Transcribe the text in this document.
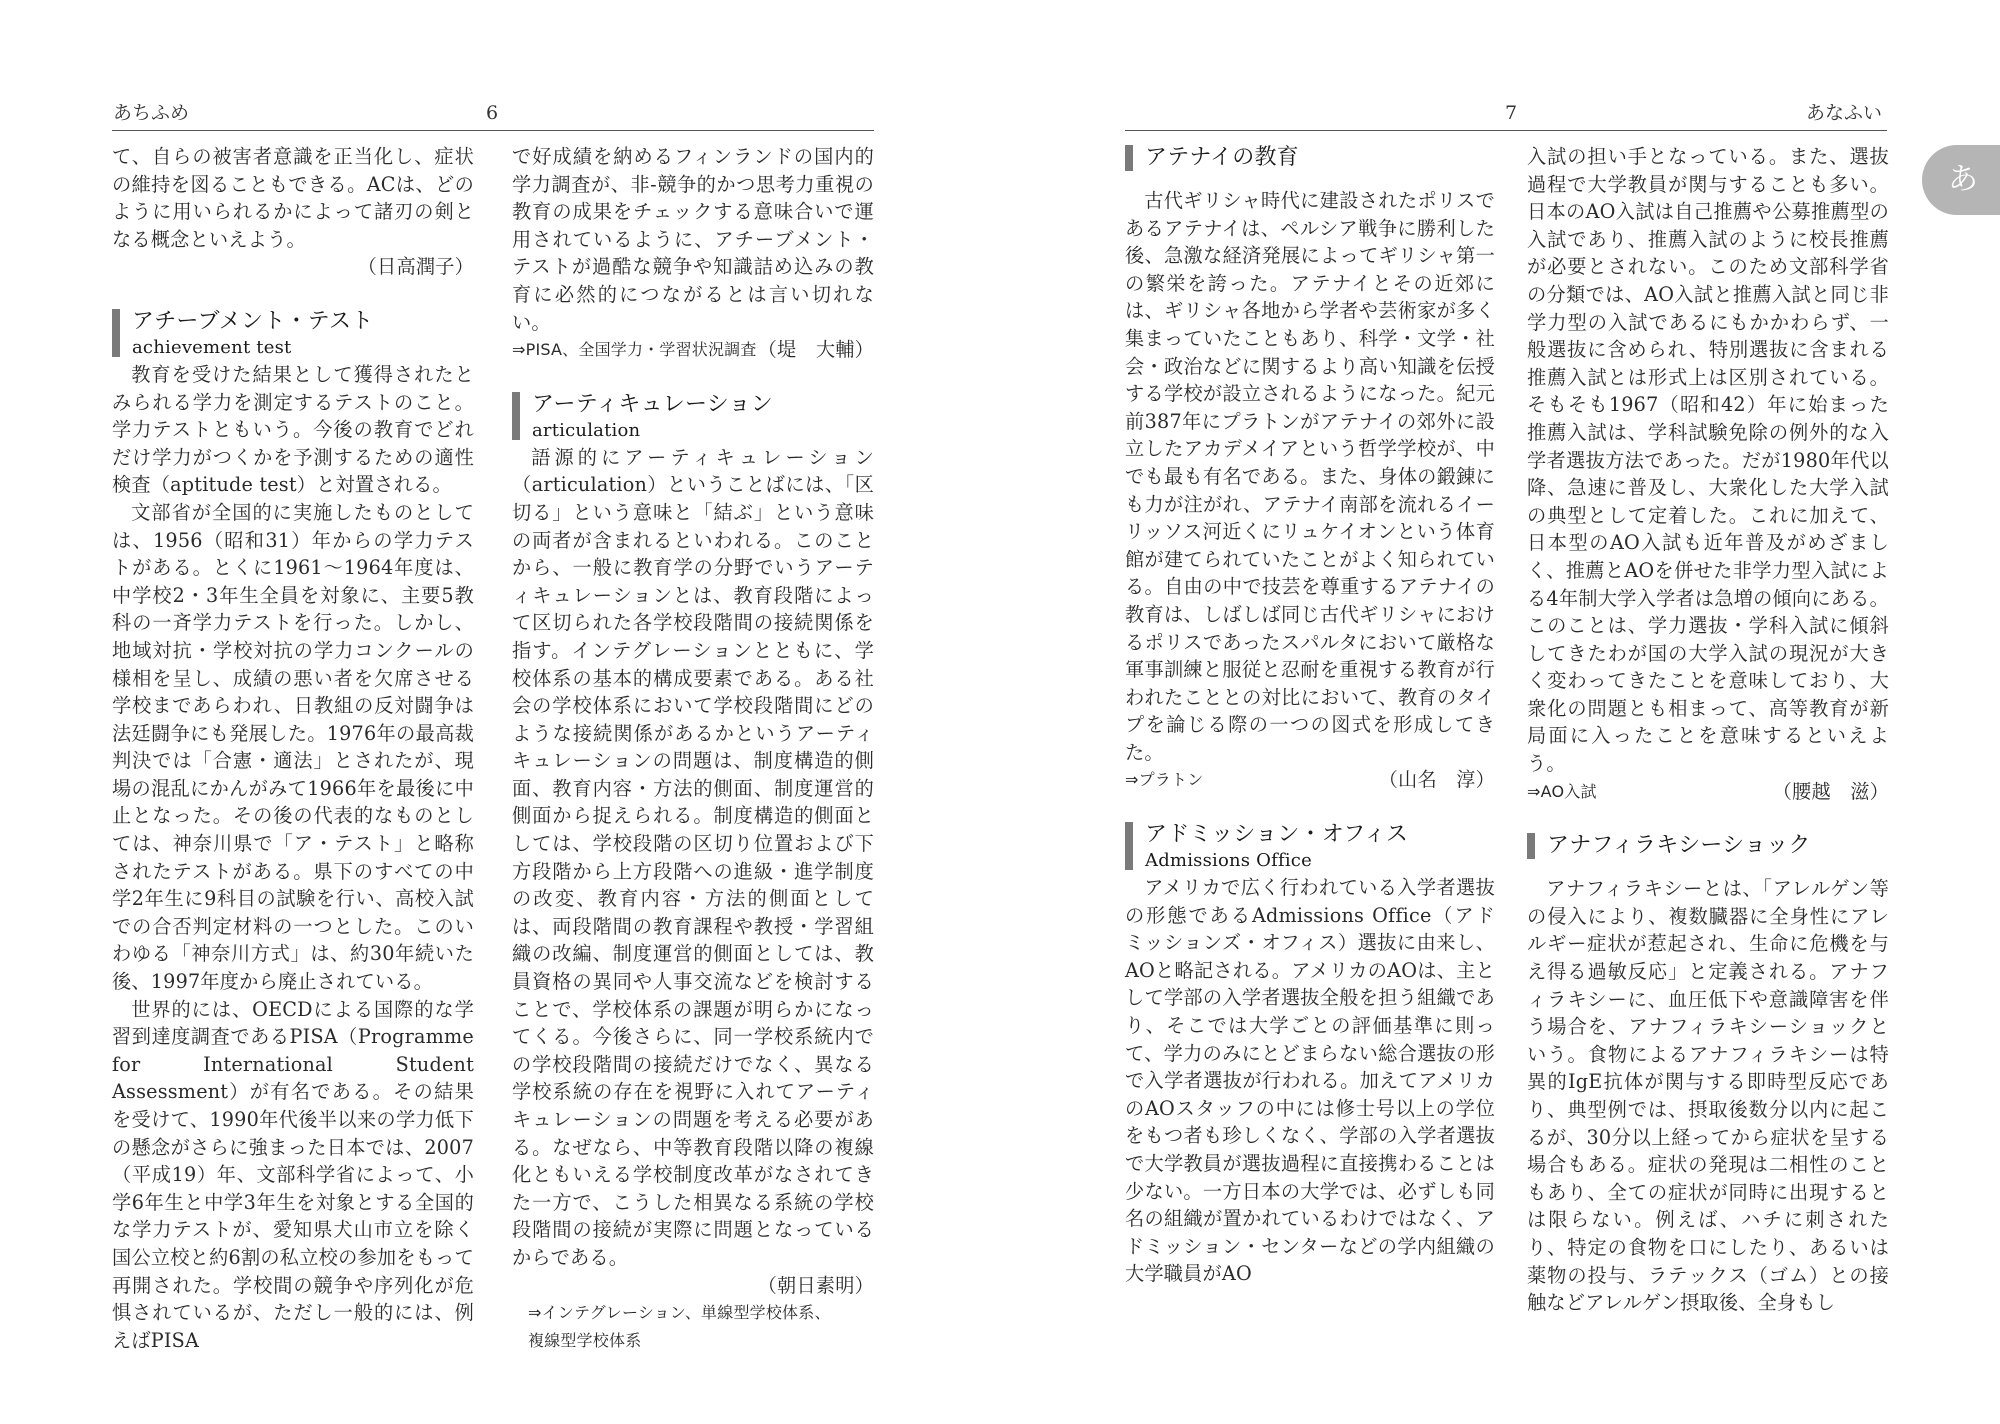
あちふめ	6

て、自らの被害者意識を正当化し、症状の維持を図ることもできる。ACは、どのように用いられるかによって諸刃の剣となる概念といえよう。

（日高潤子）
アチーブメント・テスト
achievement test

教育を受けた結果として獲得されたとみられる学力を測定するテストのこと。学力テストともいう。今後の教育でどれだけ学力がつくかを予測するための適性検査（aptitude test）と対置される。

文部省が全国的に実施したものとしては、1956（昭和31）年からの学力テストがある。とくに1961〜1964年度は、中学校2・3年生全員を対象に、主要5教科の一斉学力テストを行った。しかし、地域対抗・学校対抗の学力コンクールの様相を呈し、成績の悪い者を欠席させる学校まであらわれ、日教組の反対闘争は法廷闘争にも発展した。1976年の最高裁判決では「合憲・適法」とされたが、現場の混乱にかんがみて1966年を最後に中止となった。その後の代表的なものとしては、神奈川県で「ア・テスト」と略称されたテストがある。県下のすべての中学2年生に9科目の試験を行い、高校入試での合否判定材料の一つとした。このいわゆる「神奈川方式」は、約30年続いた後、1997年度から廃止されている。

世界的には、OECDによる国際的な学習到達度調査であるPISA（Programme for International Student Assessment）が有名である。その結果を受けて、1990年代後半以来の学力低下の懸念がさらに強まった日本では、2007（平成19）年、文部科学省によって、小学6年生と中学3年生を対象とする全国的な学力テストが、愛知県犬山市立を除く国公立校と約6割の私立校の参加をもって再開された。学校間の競争や序列化が危惧されているが、ただし一般的には、例えばPISA

で好成績を納めるフィンランドの国内的学力調査が、非-競争的かつ思考力重視の教育の成果をチェックする意味合いで運用されているように、アチーブメント・テストが過酷な競争や知識詰め込みの教育に必然的につながるとは言い切れない。

⇒PISA、全国学力・学習状況調査 （堤　大輔）
アーティキュレーション
articulation

語源的にアーティキュレーション（articulation）ということばには、「区切る」という意味と「結ぶ」という意味の両者が含まれるといわれる。このことから、一般に教育学の分野でいうアーティキュレーションとは、教育段階によって区切られた各学校段階間の接続関係を指す。インテグレーションとともに、学校体系の基本的構成要素である。ある社会の学校体系において学校段階間にどのような接続関係があるかというアーティキュレーションの問題は、制度構造的側面、教育内容・方法的側面、制度運営的側面から捉えられる。制度構造的側面としては、学校段階の区切り位置および下方段階から上方段階への進級・進学制度の改変、教育内容・方法的側面としては、両段階間の教育課程や教授・学習組織の改編、制度運営的側面としては、教員資格の異同や人事交流などを検討することで、学校体系の課題が明らかになってくる。今後さらに、同一学校系統内での学校段階間の接続だけでなく、異なる学校系統の存在を視野に入れてアーティキュレーションの問題を考える必要がある。なぜなら、中等教育段階以降の複線化ともいえる学校制度改革がなされてきた一方で、こうした相異なる系統の学校段階間の接続が実際に問題となっているからである。

（朝日素明）
⇒インテグレーション、単線型学校体系、
複線型学校体系
7	あなふい
あ
アテナイの教育

古代ギリシャ時代に建設されたポリスであるアテナイは、ペルシア戦争に勝利した後、急激な経済発展によってギリシャ第一の繁栄を誇った。アテナイとその近郊には、ギリシャ各地から学者や芸術家が多く集まっていたこともあり、科学・文学・社会・政治などに関するより高い知識を伝授する学校が設立されるようになった。紀元前387年にプラトンがアテナイの郊外に設立したアカデメイアという哲学学校が、中でも最も有名である。また、身体の鍛錬にも力が注がれ、アテナイ南部を流れるイーリッソス河近くにリュケイオンという体育館が建てられていたことがよく知られている。自由の中で技芸を尊重するアテナイの教育は、しばしば同じ古代ギリシャにおけるポリスであったスパルタにおいて厳格な軍事訓練と服従と忍耐を重視する教育が行われたこととの対比において、教育のタイプを論じる際の一つの図式を形成してきた。

⇒プラトン	（山名　淳）
アドミッション・オフィス
Admissions Office

アメリカで広く行われている入学者選抜の形態であるAdmissions Office（アドミッションズ・オフィス）選抜に由来し、AOと略記される。アメリカのAOは、主として学部の入学者選抜全般を担う組織であり、そこでは大学ごとの評価基準に則って、学力のみにとどまらない総合選抜の形で入学者選抜が行われる。加えてアメリカのAOスタッフの中には修士号以上の学位をもつ者も珍しくなく、学部の入学者選抜で大学教員が選抜過程に直接携わることは少ない。一方日本の大学では、必ずしも同名の組織が置かれているわけではなく、アドミッション・センターなどの学内組織の大学職員がAO

入試の担い手となっている。また、選抜過程で大学教員が関与することも多い。日本のAO入試は自己推薦や公募推薦型の入試であり、推薦入試のように校長推薦が必要とされない。このため文部科学省の分類では、AO入試と推薦入試と同じ非学力型の入試であるにもかかわらず、一般選抜に含められ、特別選抜に含まれる推薦入試とは形式上は区別されている。そもそも1967（昭和42）年に始まった推薦入試は、学科試験免除の例外的な入学者選抜方法であった。だが1980年代以降、急速に普及し、大衆化した大学入試の典型として定着した。これに加えて、日本型のAO入試も近年普及がめざましく、推薦とAOを併せた非学力型入試による4年制大学入学者は急増の傾向にある。このことは、学力選抜・学科入試に傾斜してきたわが国の大学入試の現況が大きく変わってきたことを意味しており、大衆化の問題とも相まって、高等教育が新局面に入ったことを意味するといえよう。

⇒AO入試	（腰越　滋）
アナフィラキシーショック

アナフィラキシーとは、「アレルゲン等の侵入により、複数臓器に全身性にアレルギー症状が惹起され、生命に危機を与え得る過敏反応」と定義される。アナフィラキシーに、血圧低下や意識障害を伴う場合を、アナフィラキシーショックという。食物によるアナフィラキシーは特異的IgE抗体が関与する即時型反応であり、典型例では、摂取後数分以内に起こるが、30分以上経ってから症状を呈する場合もある。症状の発現は二相性のこともあり、全ての症状が同時に出現するとは限らない。例えば、ハチに刺されたり、特定の食物を口にしたり、あるいは薬物の投与、ラテックス（ゴム）との接触などアレルゲン摂取後、全身もし
